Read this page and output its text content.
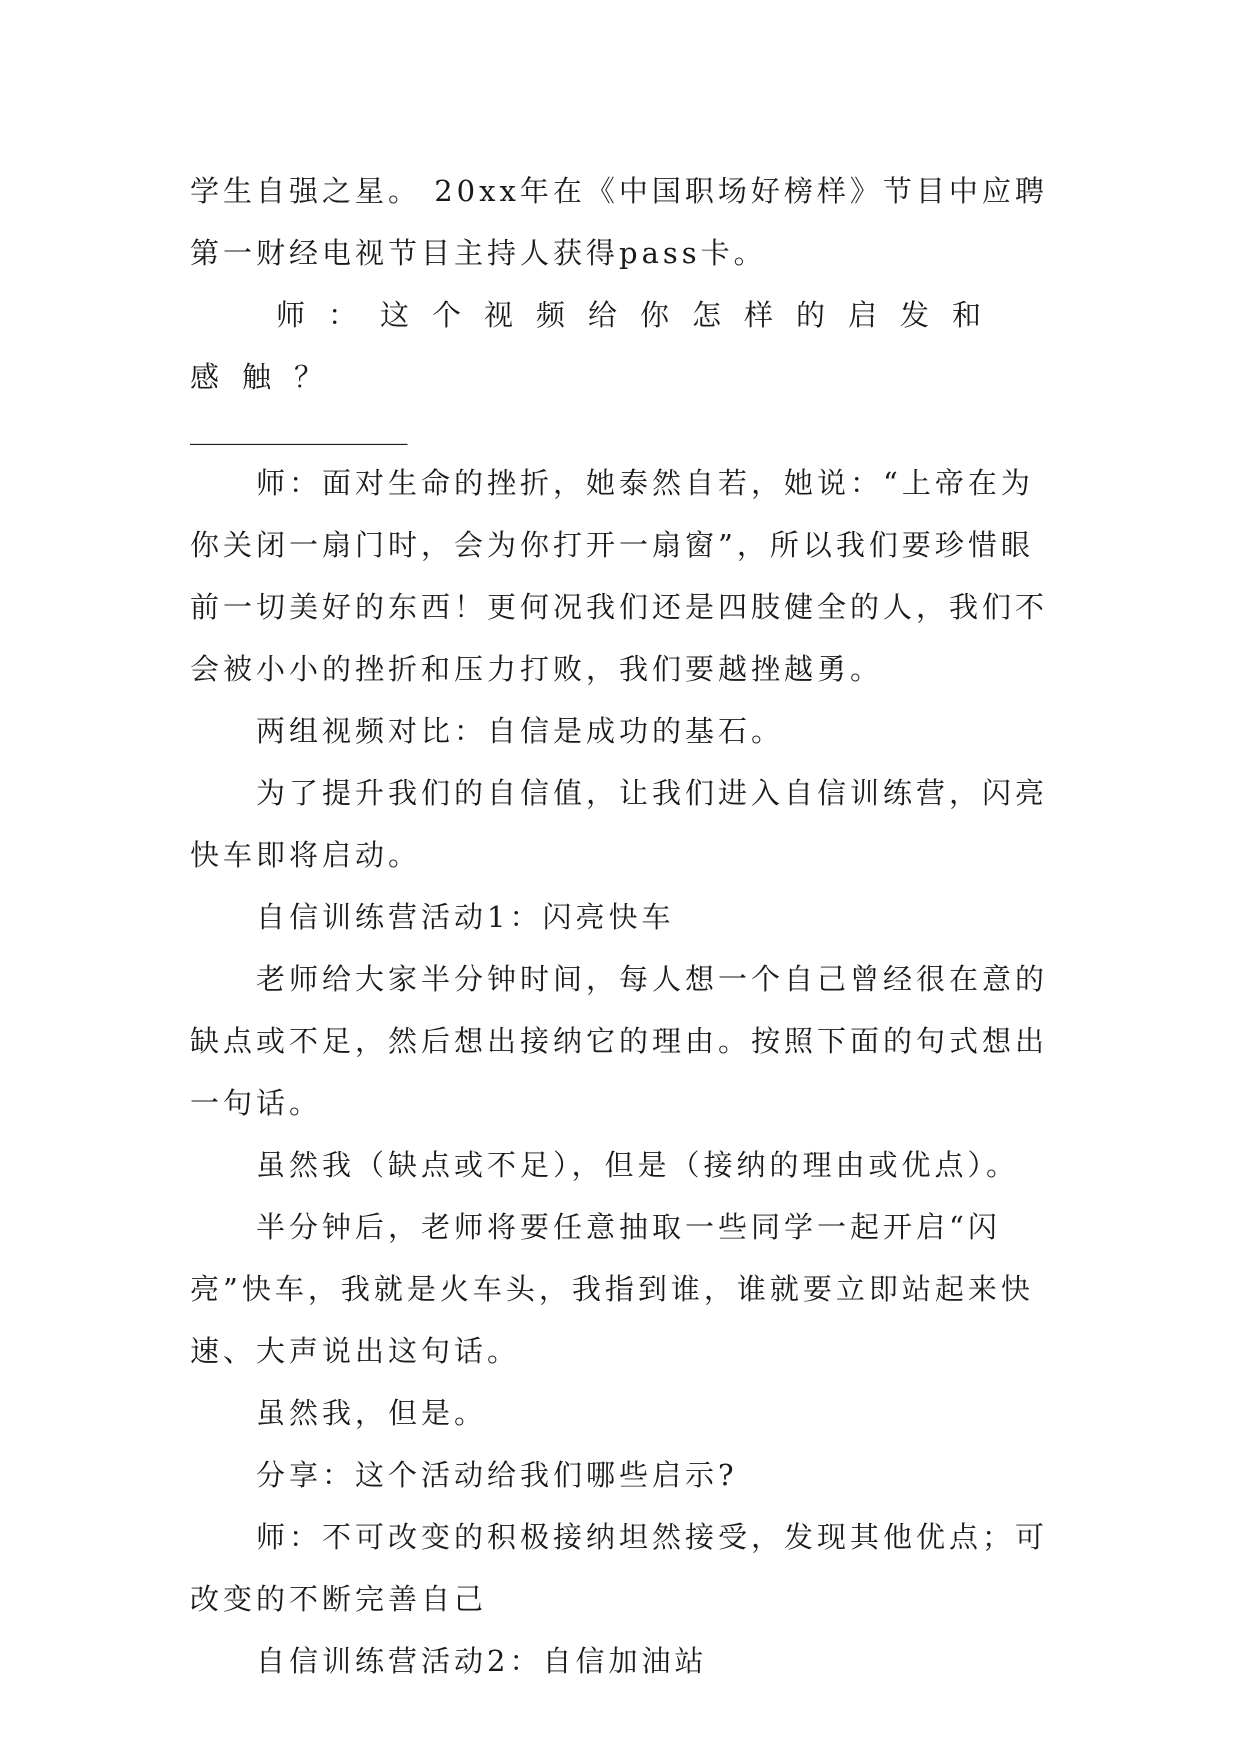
学生自强之星。 20xx年在《中国职场好榜样》节目中应聘第一财经电视节目主持人获得pass卡。

师：这个视频给你怎样的启发和感触？

_______________

师：面对生命的挫折，她泰然自若，她说：“上帝在为你关闭一扇门时，会为你打开一扇窗”，所以我们要珍惜眼前一切美好的东西！更何况我们还是四肢健全的人，我们不会被小小的挫折和压力打败，我们要越挫越勇。

两组视频对比：自信是成功的基石。

为了提升我们的自信值，让我们进入自信训练营，闪亮快车即将启动。

自信训练营活动1：闪亮快车

老师给大家半分钟时间，每人想一个自己曾经很在意的缺点或不足，然后想出接纳它的理由。按照下面的句式想出一句话。

虽然我（缺点或不足），但是（接纳的理由或优点）。

半分钟后，老师将要任意抽取一些同学一起开启“闪亮”快车，我就是火车头，我指到谁，谁就要立即站起来快速、大声说出这句话。

虽然我，但是。

分享：这个活动给我们哪些启示?

师：不可改变的积极接纳坦然接受，发现其他优点；可改变的不断完善自己

自信训练营活动2：自信加油站
